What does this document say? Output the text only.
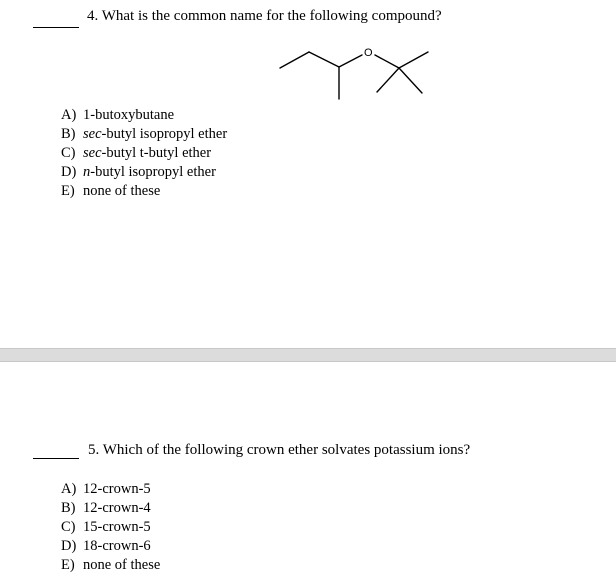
4. What is the common name for the following compound?
O
A) 1-butoxybutane
B) sec-butyl isopropyl ether
C) sec-butyl t-butyl ether
D) n-butyl isopropyl ether
E) none of these
5. Which of the following crown ether solvates potassium ions?
A) 12-crown-5
B) 12-crown-4
C) 15-crown-5
D) 18-crown-6
E) none of these
